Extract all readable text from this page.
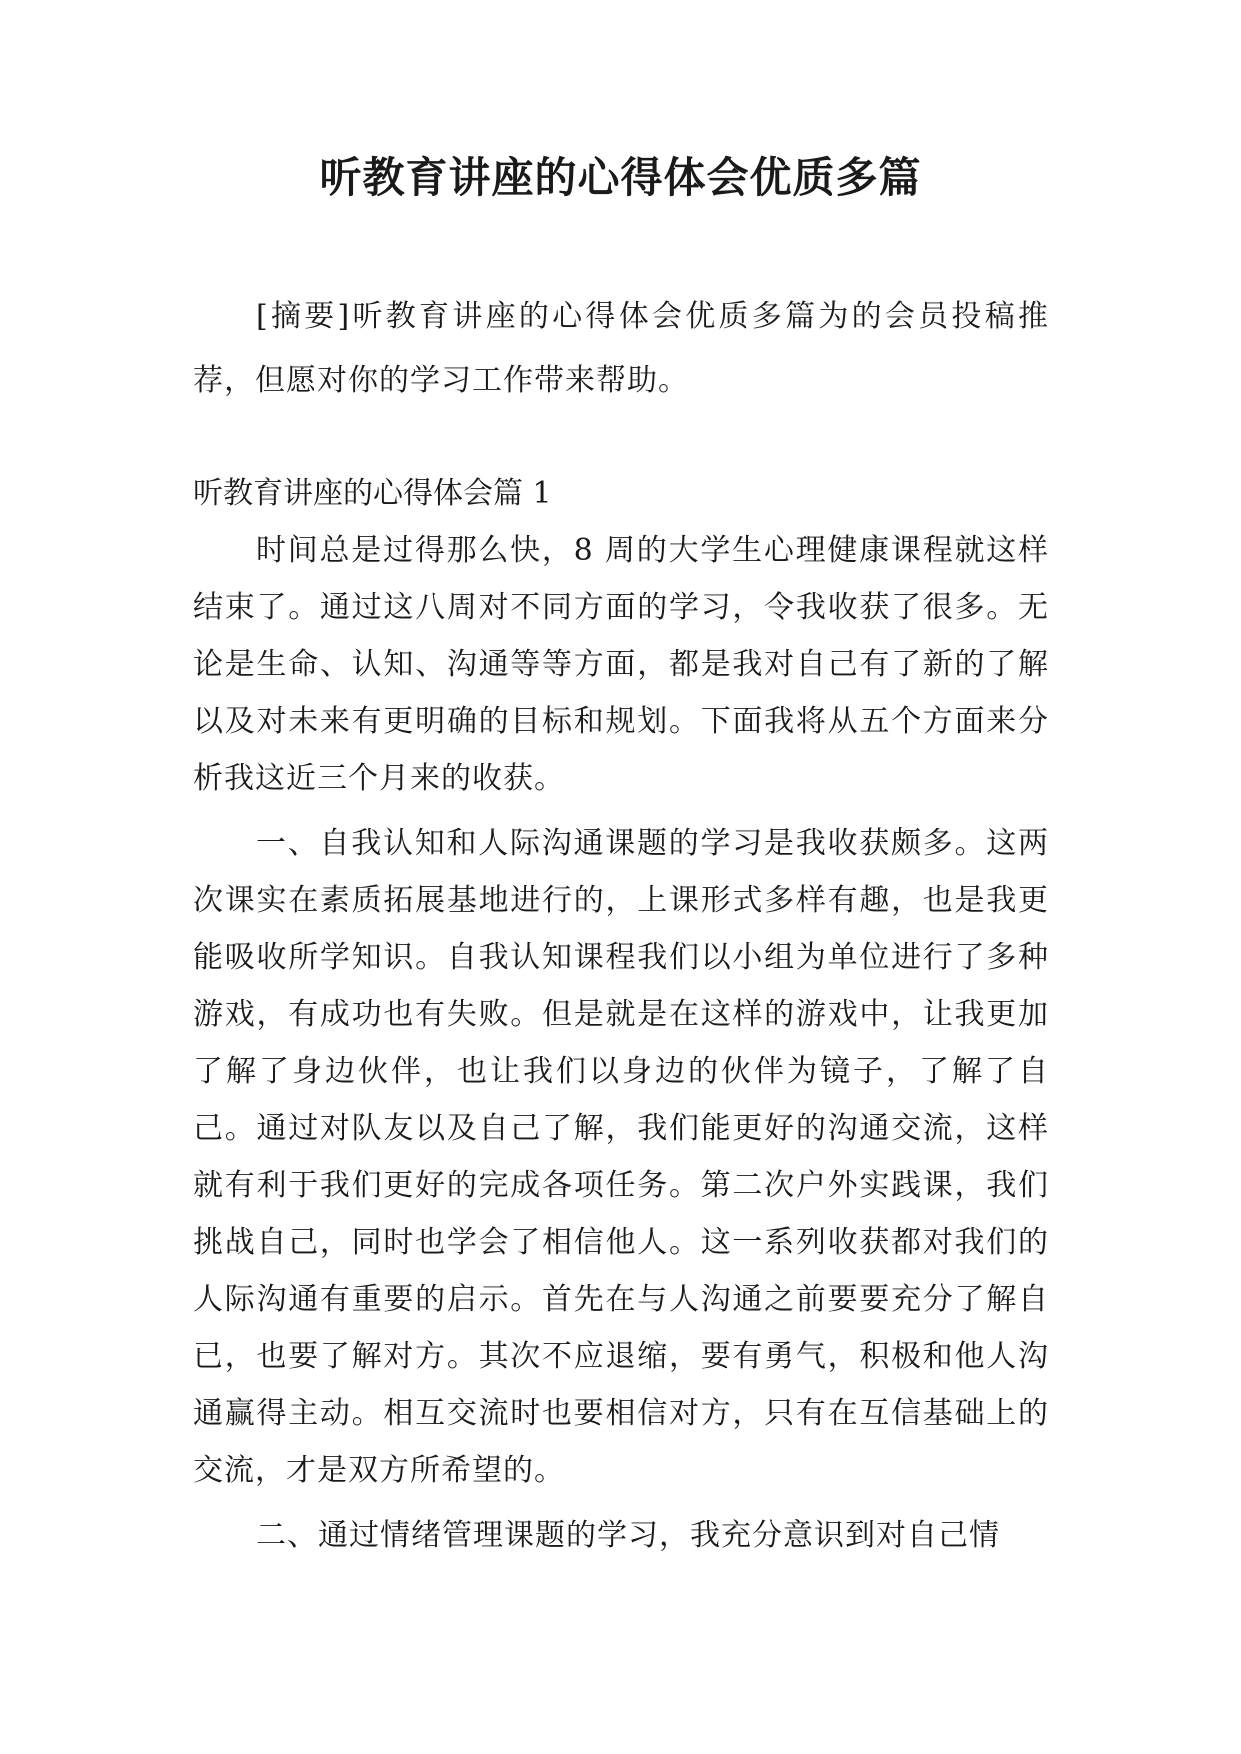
听教育讲座的心得体会优质多篇

[摘要]听教育讲座的心得体会优质多篇为的会员投稿推荐，但愿对你的学习工作带来帮助。

听教育讲座的心得体会篇 1

时间总是过得那么快，8 周的大学生心理健康课程就这样结束了。通过这八周对不同方面的学习，令我收获了很多。无论是生命、认知、沟通等等方面，都是我对自己有了新的了解以及对未来有更明确的目标和规划。下面我将从五个方面来分析我这近三个月来的收获。

一、自我认知和人际沟通课题的学习是我收获颇多。这两次课实在素质拓展基地进行的，上课形式多样有趣，也是我更能吸收所学知识。自我认知课程我们以小组为单位进行了多种游戏，有成功也有失败。但是就是在这样的游戏中，让我更加了解了身边伙伴，也让我们以身边的伙伴为镜子，了解了自己。通过对队友以及自己了解，我们能更好的沟通交流，这样就有利于我们更好的完成各项任务。第二次户外实践课，我们挑战自己，同时也学会了相信他人。这一系列收获都对我们的人际沟通有重要的启示。首先在与人沟通之前要要充分了解自已，也要了解对方。其次不应退缩，要有勇气，积极和他人沟通赢得主动。相互交流时也要相信对方，只有在互信基础上的交流，才是双方所希望的。

二、通过情绪管理课题的学习，我充分意识到对自己情
